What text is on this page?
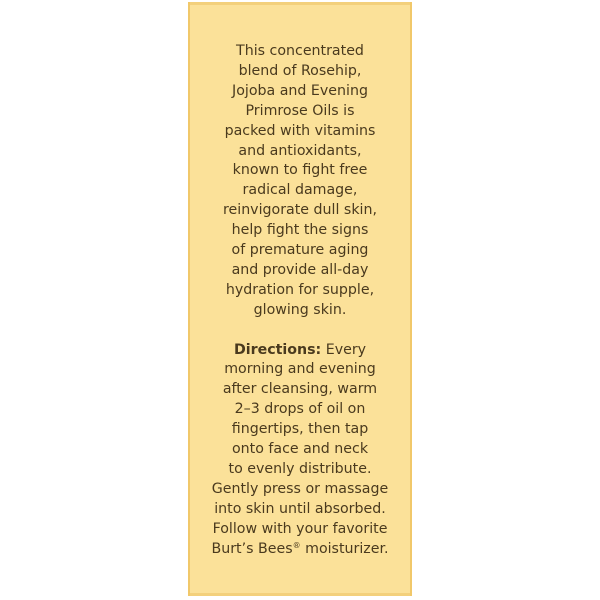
This concentrated
blend of Rosehip,
Jojoba and Evening
Primrose Oils is
packed with vitamins
and antioxidants,
known to fight free
radical damage,
reinvigorate dull skin,
help fight the signs
of premature aging
and provide all-day
hydration for supple,
glowing skin.
Directions: Every
morning and evening
after cleansing, warm
2–3 drops of oil on
fingertips, then tap
onto face and neck
to evenly distribute.
Gently press or massage
into skin until absorbed.
Follow with your favorite
Burt’s Bees® moisturizer.
